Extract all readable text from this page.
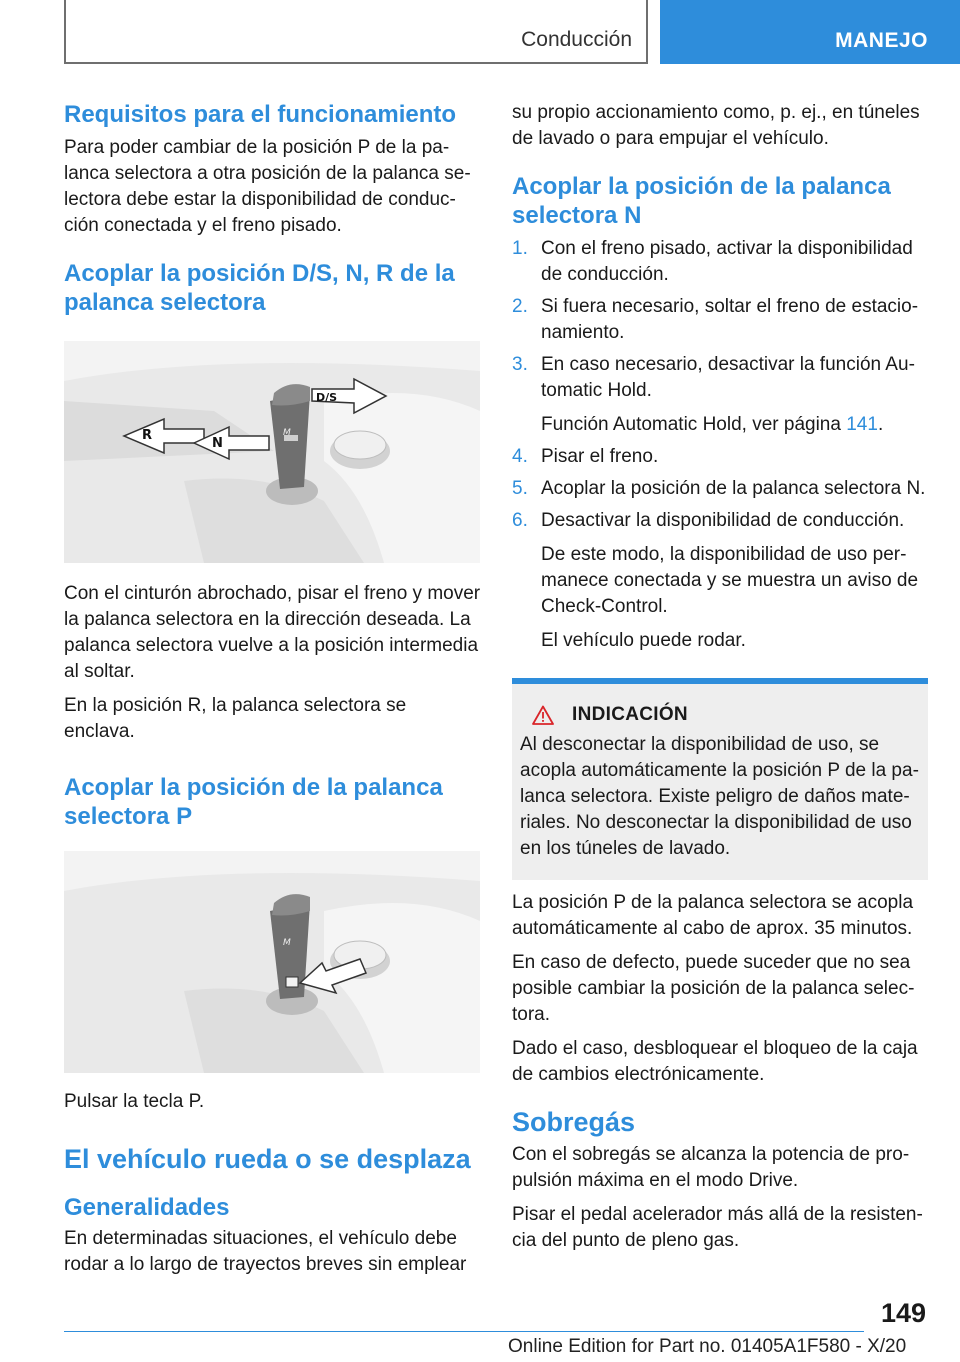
Conducción	MANEJO
Requisitos para el funcionamiento

Para poder cambiar de la posición P de la palanca selectora a otra posición de la palanca selectora debe estar la disponibilidad de conducción conectada y el freno pisado.

Acoplar la posición D/S, N, R de la palanca selectora
R
N
D/S
M

Con el cinturón abrochado, pisar el freno y mover la palanca selectora en la dirección deseada. La palanca selectora vuelve a la posición intermedia al soltar.

En la posición R, la palanca selectora se enclava.

Acoplar la posición de la palanca selectora P
M

Pulsar la tecla P.

El vehículo rueda o se desplaza
Generalidades

En determinadas situaciones, el vehículo debe rodar a lo largo de trayectos breves sin emplear

su propio accionamiento como, p. ej., en túneles de lavado o para empujar el vehículo.

Acoplar la posición de la palanca selectora N
1. Con el freno pisado, activar la disponibilidad de conducción.
2. Si fuera necesario, soltar el freno de estacionamiento.
3. En caso necesario, desactivar la función Automatic Hold.
Función Automatic Hold, ver página 141.
4. Pisar el freno.
5. Acoplar la posición de la palanca selectora N.
6. Desactivar la disponibilidad de conducción.
De este modo, la disponibilidad de uso permanece conectada y se muestra un aviso de Check-Control.
El vehículo puede rodar.
INDICACIÓN

Al desconectar la disponibilidad de uso, se acopla automáticamente la posición P de la palanca selectora. Existe peligro de daños materiales. No desconectar la disponibilidad de uso en los túneles de lavado.

La posición P de la palanca selectora se acopla automáticamente al cabo de aprox. 35 minutos.

En caso de defecto, puede suceder que no sea posible cambiar la posición de la palanca selectora.

Dado el caso, desbloquear el bloqueo de la caja de cambios electrónicamente.

Sobregás

Con el sobregás se alcanza la potencia de propulsión máxima en el modo Drive.

Pisar el pedal acelerador más allá de la resistencia del punto de pleno gas.

149
Online Edition for Part no. 01405A1F580 - X/20
